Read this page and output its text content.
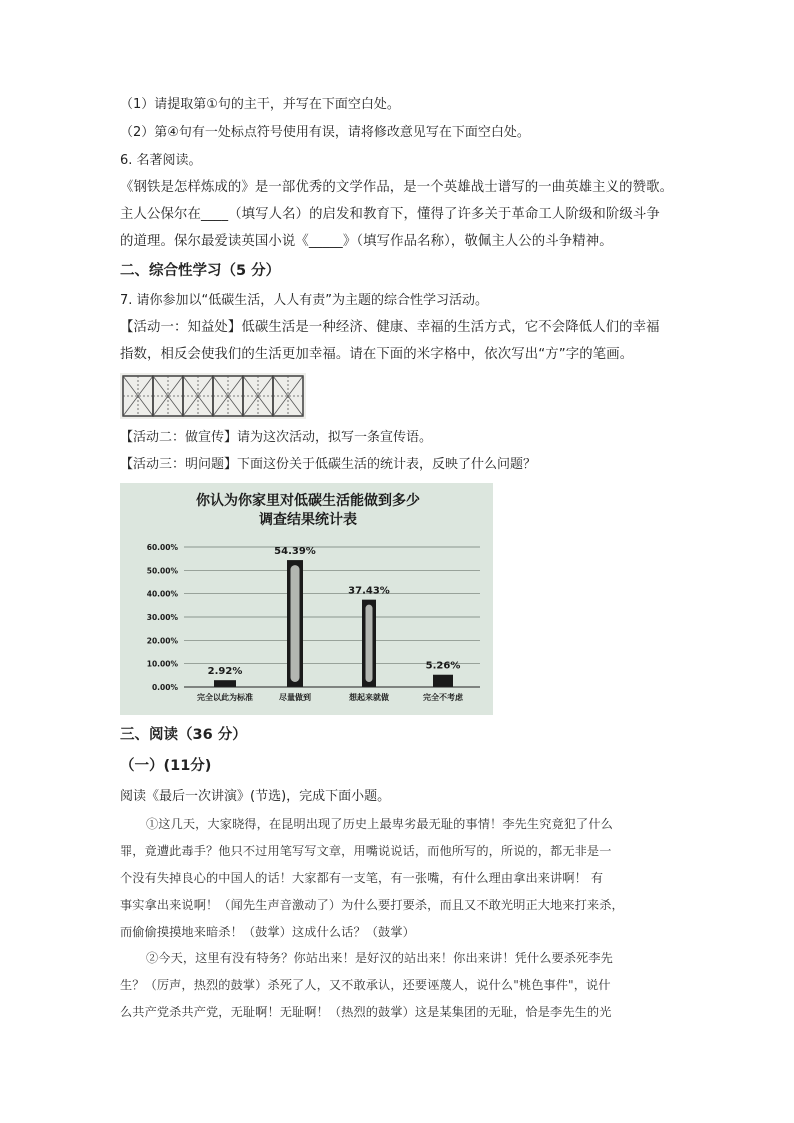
（1）请提取第①句的主干，并写在下面空白处。
（2）第④句有一处标点符号使用有误，请将修改意见写在下面空白处。
6. 名著阅读。
《钢铁是怎样炼成的》是一部优秀的文学作品，是一个英雄战士谱写的一曲英雄主义的赞歌。
主人公保尔在____（填写人名）的启发和教育下，懂得了许多关于革命工人阶级和阶级斗争
的道理。保尔最爱读英国小说《_____》（填写作品名称），敬佩主人公的斗争精神。
二、综合性学习（5 分）
7. 请你参加以“低碳生活，人人有责”为主题的综合性学习活动。
【活动一：知益处】低碳生活是一种经济、健康、幸福的生活方式，它不会降低人们的幸福
指数，相反会使我们的生活更加幸福。请在下面的米字格中，依次写出“方”字的笔画。
【活动二：做宣传】请为这次活动，拟写一条宣传语。
【活动三：明问题】下面这份关于低碳生活的统计表，反映了什么问题？
你认为你家里对低碳生活能做到多少
调查结果统计表
0.00%
10.00%
20.00%
30.00%
40.00%
50.00%
60.00%
2.92%
54.39%
37.43%
5.26%
完全以此为标准	尽量做到	想起来就做	完全不考虑
三、阅读（36 分）
（一）(11分)
阅读《最后一次讲演》(节选)，完成下面小题。
①这几天，大家晓得，在昆明出现了历史上最卑劣最无耻的事情！李先生究竟犯了什么
罪，竟遭此毒手？他只不过用笔写写文章，用嘴说说话，而他所写的，所说的，都无非是一
个没有失掉良心的中国人的话！大家都有一支笔，有一张嘴，有什么理由拿出来讲啊！ 有
事实拿出来说啊！（闻先生声音激动了）为什么要打要杀，而且又不敢光明正大地来打来杀，
而偷偷摸摸地来暗杀！（鼓掌）这成什么话？（鼓掌）
②今天，这里有没有特务？你站出来！是好汉的站出来！你出来讲！凭什么要杀死李先
生？（厉声，热烈的鼓掌）杀死了人，又不敢承认，还要诬蔑人，说什么"桃色事件"，说什
么共产党杀共产党，无耻啊！无耻啊！（热烈的鼓掌）这是某集团的无耻，恰是李先生的光
